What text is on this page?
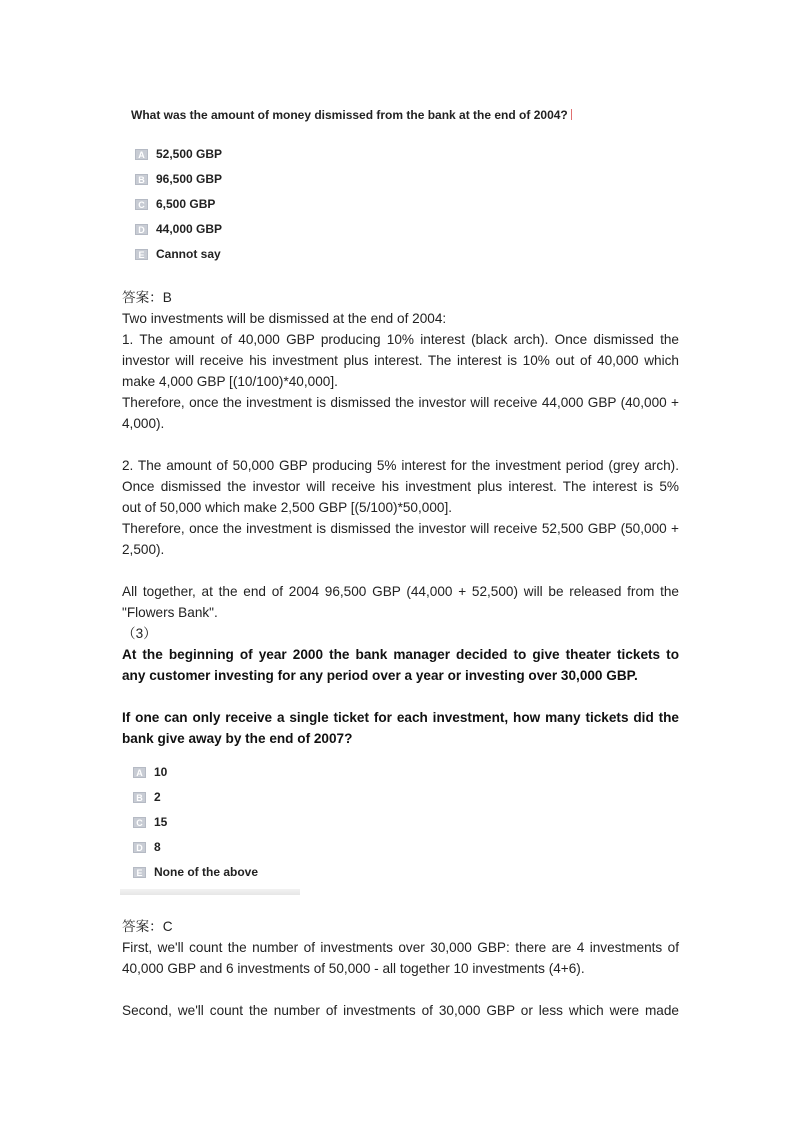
What was the amount of money dismissed from the bank at the end of 2004?
A 52,500 GBP
B 96,500 GBP
C 6,500 GBP
D 44,000 GBP
E Cannot say
答案：B
Two investments will be dismissed at the end of 2004:
1. The amount of 40,000 GBP producing 10% interest (black arch). Once dismissed the
investor will receive his investment plus interest. The interest is 10% out of 40,000 which
make 4,000 GBP [(10/100)*40,000].
Therefore, once the investment is dismissed the investor will receive 44,000 GBP (40,000 +
4,000).
2. The amount of 50,000 GBP producing 5% interest for the investment period (grey arch).
Once dismissed the investor will receive his investment plus interest. The interest is 5%
out of 50,000 which make 2,500 GBP [(5/100)*50,000].
Therefore, once the investment is dismissed the investor will receive 52,500 GBP (50,000 +
2,500).
All together, at the end of 2004 96,500 GBP (44,000 + 52,500) will be released from the
"Flowers Bank".
（3）
At the beginning of year 2000 the bank manager decided to give theater tickets to
any customer investing for any period over a year or investing over 30,000 GBP.
If one can only receive a single ticket for each investment, how many tickets did the
bank give away by the end of 2007?
A 10
B 2
C 15
D 8
E None of the above
答案：C
First, we'll count the number of investments over 30,000 GBP: there are 4 investments of
40,000 GBP and 6 investments of 50,000 - all together 10 investments (4+6).
Second, we'll count the number of investments of 30,000 GBP or less which were made
